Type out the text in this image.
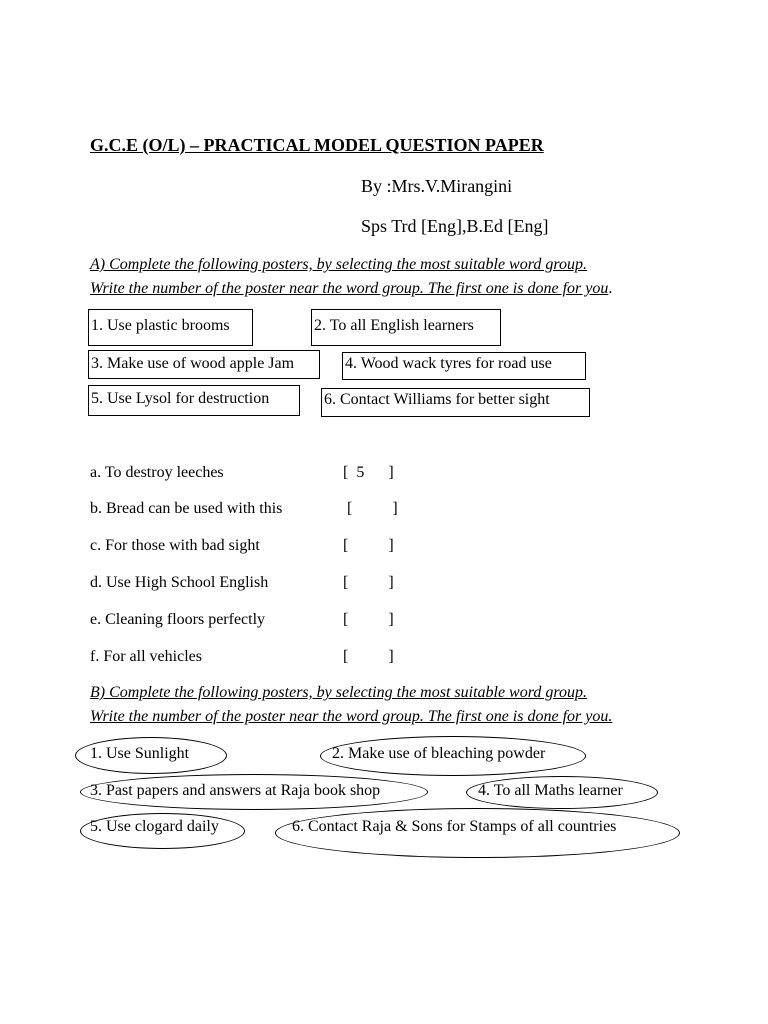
G.C.E (O/L) – PRACTICAL MODEL QUESTION PAPER
By :Mrs.V.Mirangini
Sps Trd [Eng],B.Ed [Eng]
A) Complete the following posters, by selecting the most suitable word group.
Write the number of the poster near the word group. The first one is done for you.
1. Use plastic brooms	2. To all English learners
3. Make use of wood apple Jam	4. Wood wack tyres for road use
5. Use Lysol for destruction	6. Contact Williams for better sight
a. To destroy leeches	[  5      ]
b. Bread can be used with this	[          ]
c. For those with bad sight	[          ]
d. Use High School English	[          ]
e. Cleaning floors perfectly	[          ]
f. For all vehicles	[          ]
B) Complete the following posters, by selecting the most suitable word group.
Write the number of the poster near the word group. The first one is done for you.
1. Use Sunlight	2. Make use of bleaching powder
3. Past papers and answers at Raja book shop	4. To all Maths learner
5. Use clogard daily	6. Contact Raja & Sons for Stamps of all countries
